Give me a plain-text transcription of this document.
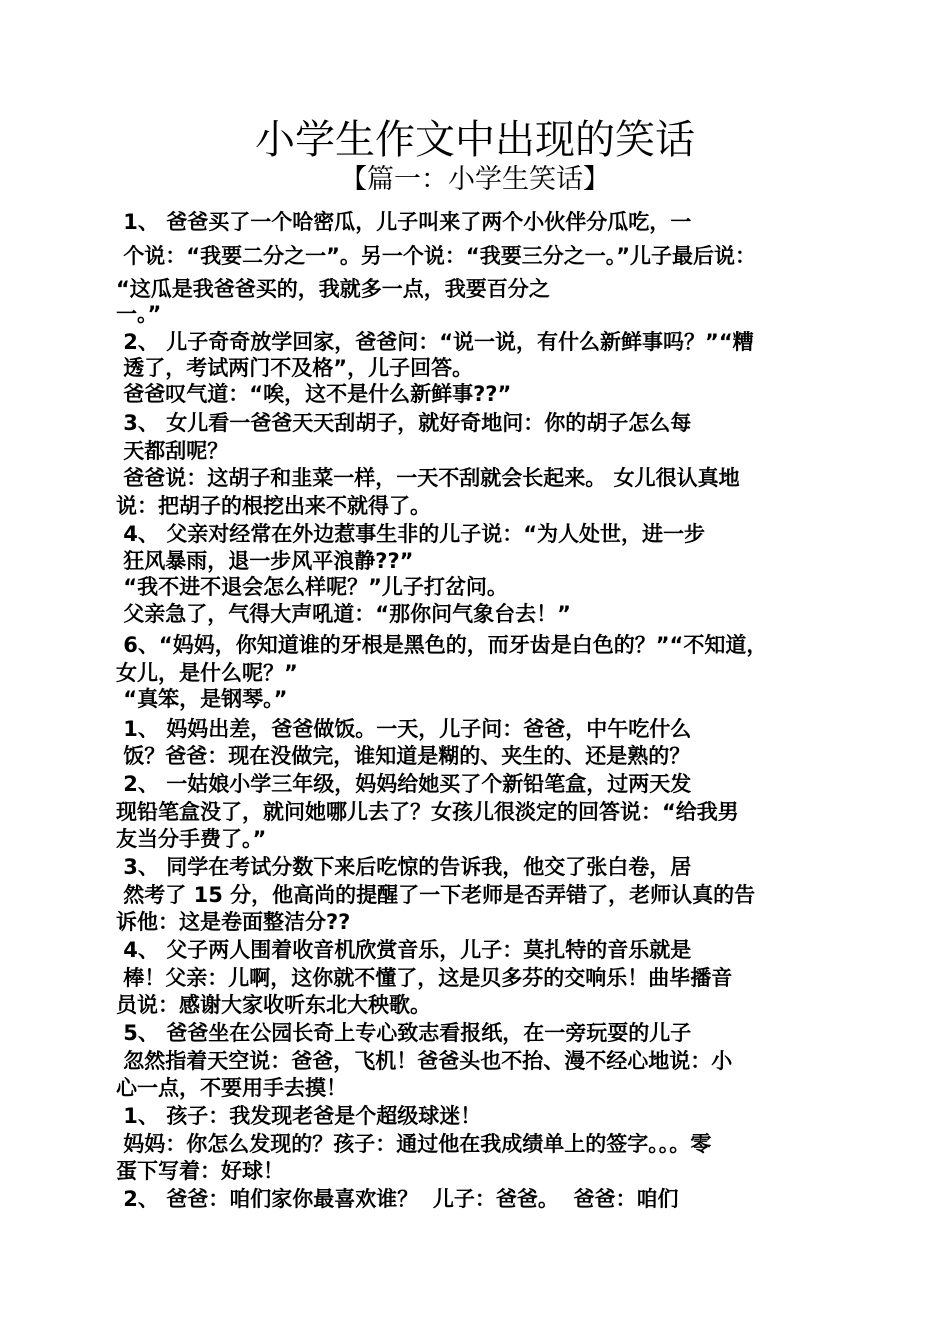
小学生作文中出现的笑话
【篇一：小学生笑话】
1、 爸爸买了一个哈密瓜，儿子叫来了两个小伙伴分瓜吃，一
个说：“我要二分之一”。另一个说：“我要三分之一。”儿子最后说：
“这瓜是我爸爸买的，我就多一点，我要百分之
一。”
2、 儿子奇奇放学回家，爸爸问：“说一说，有什么新鲜事吗？”“糟
透了，考试两门不及格”，儿子回答。
爸爸叹气道：“唉，这不是什么新鲜事??”
3、 女儿看一爸爸天天刮胡子，就好奇地问：你的胡子怎么每
天都刮呢？
爸爸说：这胡子和韭菜一样，一天不刮就会长起来。 女儿很认真地
说：把胡子的根挖出来不就得了。
4、 父亲对经常在外边惹事生非的儿子说：“为人处世，进一步
狂风暴雨，退一步风平浪静??”
“我不进不退会怎么样呢？”儿子打岔问。
父亲急了，气得大声吼道：“那你问气象台去！”
6、“妈妈，你知道谁的牙根是黑色的，而牙齿是白色的？”“不知道，
女儿，是什么呢？”
“真笨，是钢琴。”
1、 妈妈出差，爸爸做饭。一天，儿子问：爸爸，中午吃什么
饭？爸爸：现在没做完，谁知道是糊的、夹生的、还是熟的？
2、 一姑娘小学三年级，妈妈给她买了个新铅笔盒，过两天发
现铅笔盒没了，就问她哪儿去了？女孩儿很淡定的回答说：“给我男
友当分手费了。”
3、 同学在考试分数下来后吃惊的告诉我，他交了张白卷，居
然考了 15 分，他高尚的提醒了一下老师是否弄错了，老师认真的告
诉他：这是卷面整洁分??
4、 父子两人围着收音机欣赏音乐，儿子：莫扎特的音乐就是
棒！父亲：儿啊，这你就不懂了，这是贝多芬的交响乐！曲毕播音
员说：感谢大家收听东北大秧歌。
5、 爸爸坐在公园长奇上专心致志看报纸，在一旁玩耍的儿子
忽然指着天空说：爸爸，飞机！爸爸头也不抬、漫不经心地说：小
心一点，不要用手去摸！
1、 孩子：我发现老爸是个超级球迷！
妈妈：你怎么发现的？孩子：通过他在我成绩单上的签字。。。零
蛋下写着：好球！
2、 爸爸：咱们家你最喜欢谁？  儿子：爸爸。  爸爸：咱们
